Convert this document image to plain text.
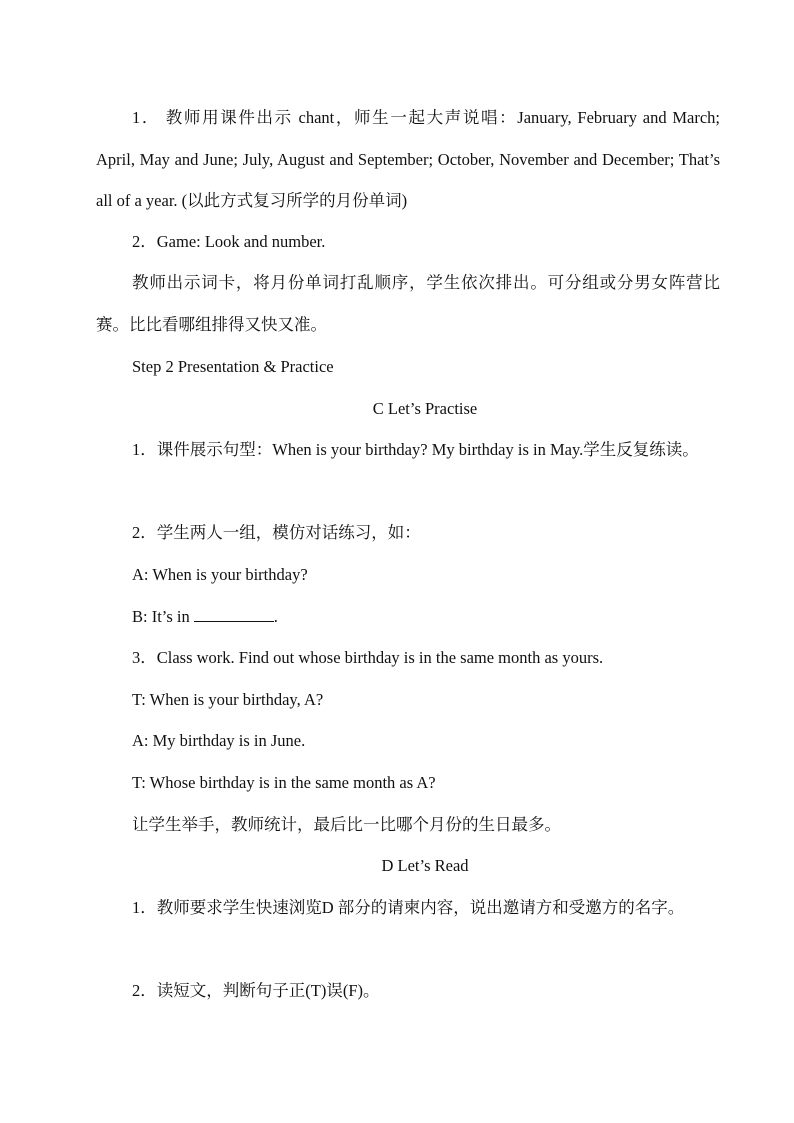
1． 教师用课件出示 chant，师生一起大声说唱：January, February and March; April, May and June; July, August and September; October, November and December; That’s all of a year. (以此方式复习所学的月份单词)

2．Game: Look and number.

教师出示词卡，将月份单词打乱顺序，学生依次排出。可分组或分男女阵营比赛。比比看哪组排得又快又准。

Step 2 Presentation & Practice

C Let’s Practise

1．课件展示句型：When is your birthday? My birthday is in May.学生反复练读。

2．学生两人一组，模仿对话练习，如：

A: When is your birthday?

B: It’s in	.

3．Class work. Find out whose birthday is in the same month as yours.

T: When is your birthday, A?

A: My birthday is in June.

T: Whose birthday is in the same month as A?

让学生举手，教师统计，最后比一比哪个月份的生日最多。

D Let’s Read

1．教师要求学生快速浏览D 部分的请柬内容，说出邀请方和受邀方的名字。

2．读短文，判断句子正(T)误(F)。
